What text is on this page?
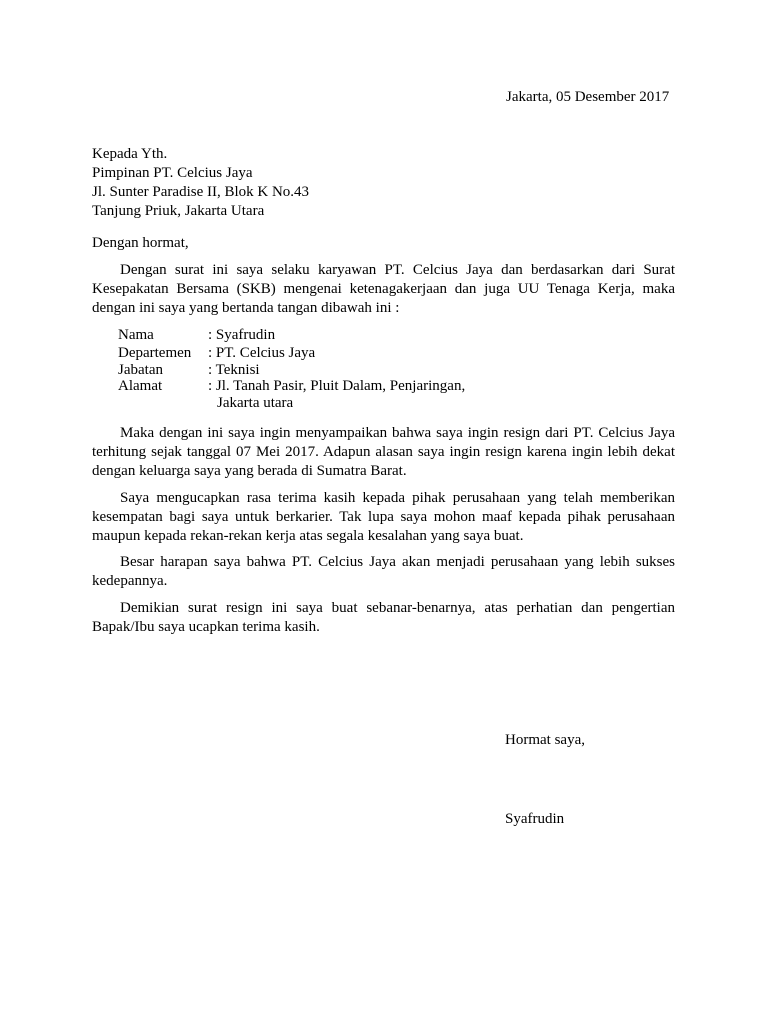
Jakarta, 05 Desember 2017
Kepada Yth.
Pimpinan PT. Celcius Jaya
Jl. Sunter Paradise II, Blok K No.43
Tanjung Priuk, Jakarta Utara
Dengan hormat,
Dengan surat ini saya selaku karyawan PT. Celcius Jaya dan berdasarkan dari Surat Kesepakatan Bersama (SKB) mengenai ketenagakerjaan dan juga UU Tenaga Kerja, maka dengan ini saya yang bertanda tangan dibawah ini :
Nama	: Syafrudin
Departemen : PT. Celcius Jaya
Jabatan	: Teknisi
Alamat	: Jl. Tanah Pasir, Pluit Dalam, Penjaringan,
Jakarta utara
Maka dengan ini saya ingin menyampaikan bahwa saya ingin resign dari PT. Celcius Jaya terhitung sejak tanggal 07 Mei 2017. Adapun alasan saya ingin resign karena ingin lebih dekat dengan keluarga saya yang berada di Sumatra Barat.
Saya mengucapkan rasa terima kasih kepada pihak perusahaan yang telah memberikan kesempatan bagi saya untuk berkarier. Tak lupa saya mohon maaf kepada pihak perusahaan maupun kepada rekan-rekan kerja atas segala kesalahan yang saya buat.
Besar harapan saya bahwa PT. Celcius Jaya akan menjadi perusahaan yang lebih sukses kedepannya.
Demikian surat resign ini saya buat sebanar-benarnya, atas perhatian dan pengertian Bapak/Ibu saya ucapkan terima kasih.
Hormat saya,
Syafrudin
